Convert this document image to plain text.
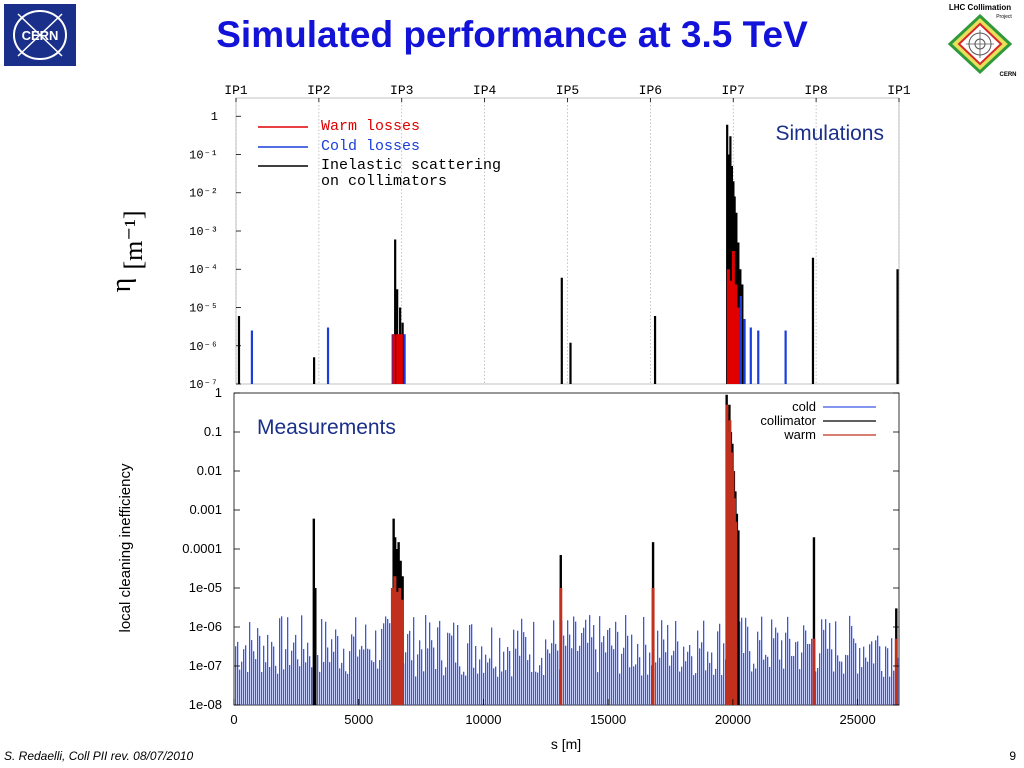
Simulated performance at 3.5 TeV
CERN
LHC Collimation
Project
CERN
1
10⁻¹
10⁻²
10⁻³
10⁻⁴
10⁻⁵
10⁻⁶
10⁻⁷
IP1	IP2	IP3	IP4	IP5	IP6	IP7	IP8	IP1
Warm losses
Cold losses
Inelastic scattering
on collimators
Simulations
[m⁻¹]
η
1
0.1
0.01
0.001
0.0001
1e-05
1e-06
1e-07
1e-08
0	5000	10000	15000	20000	25000
Measurements
cold
collimator
warm
s [m]
local cleaning inefficiency
S. Redaelli, Coll PII rev. 08/07/2010	9
